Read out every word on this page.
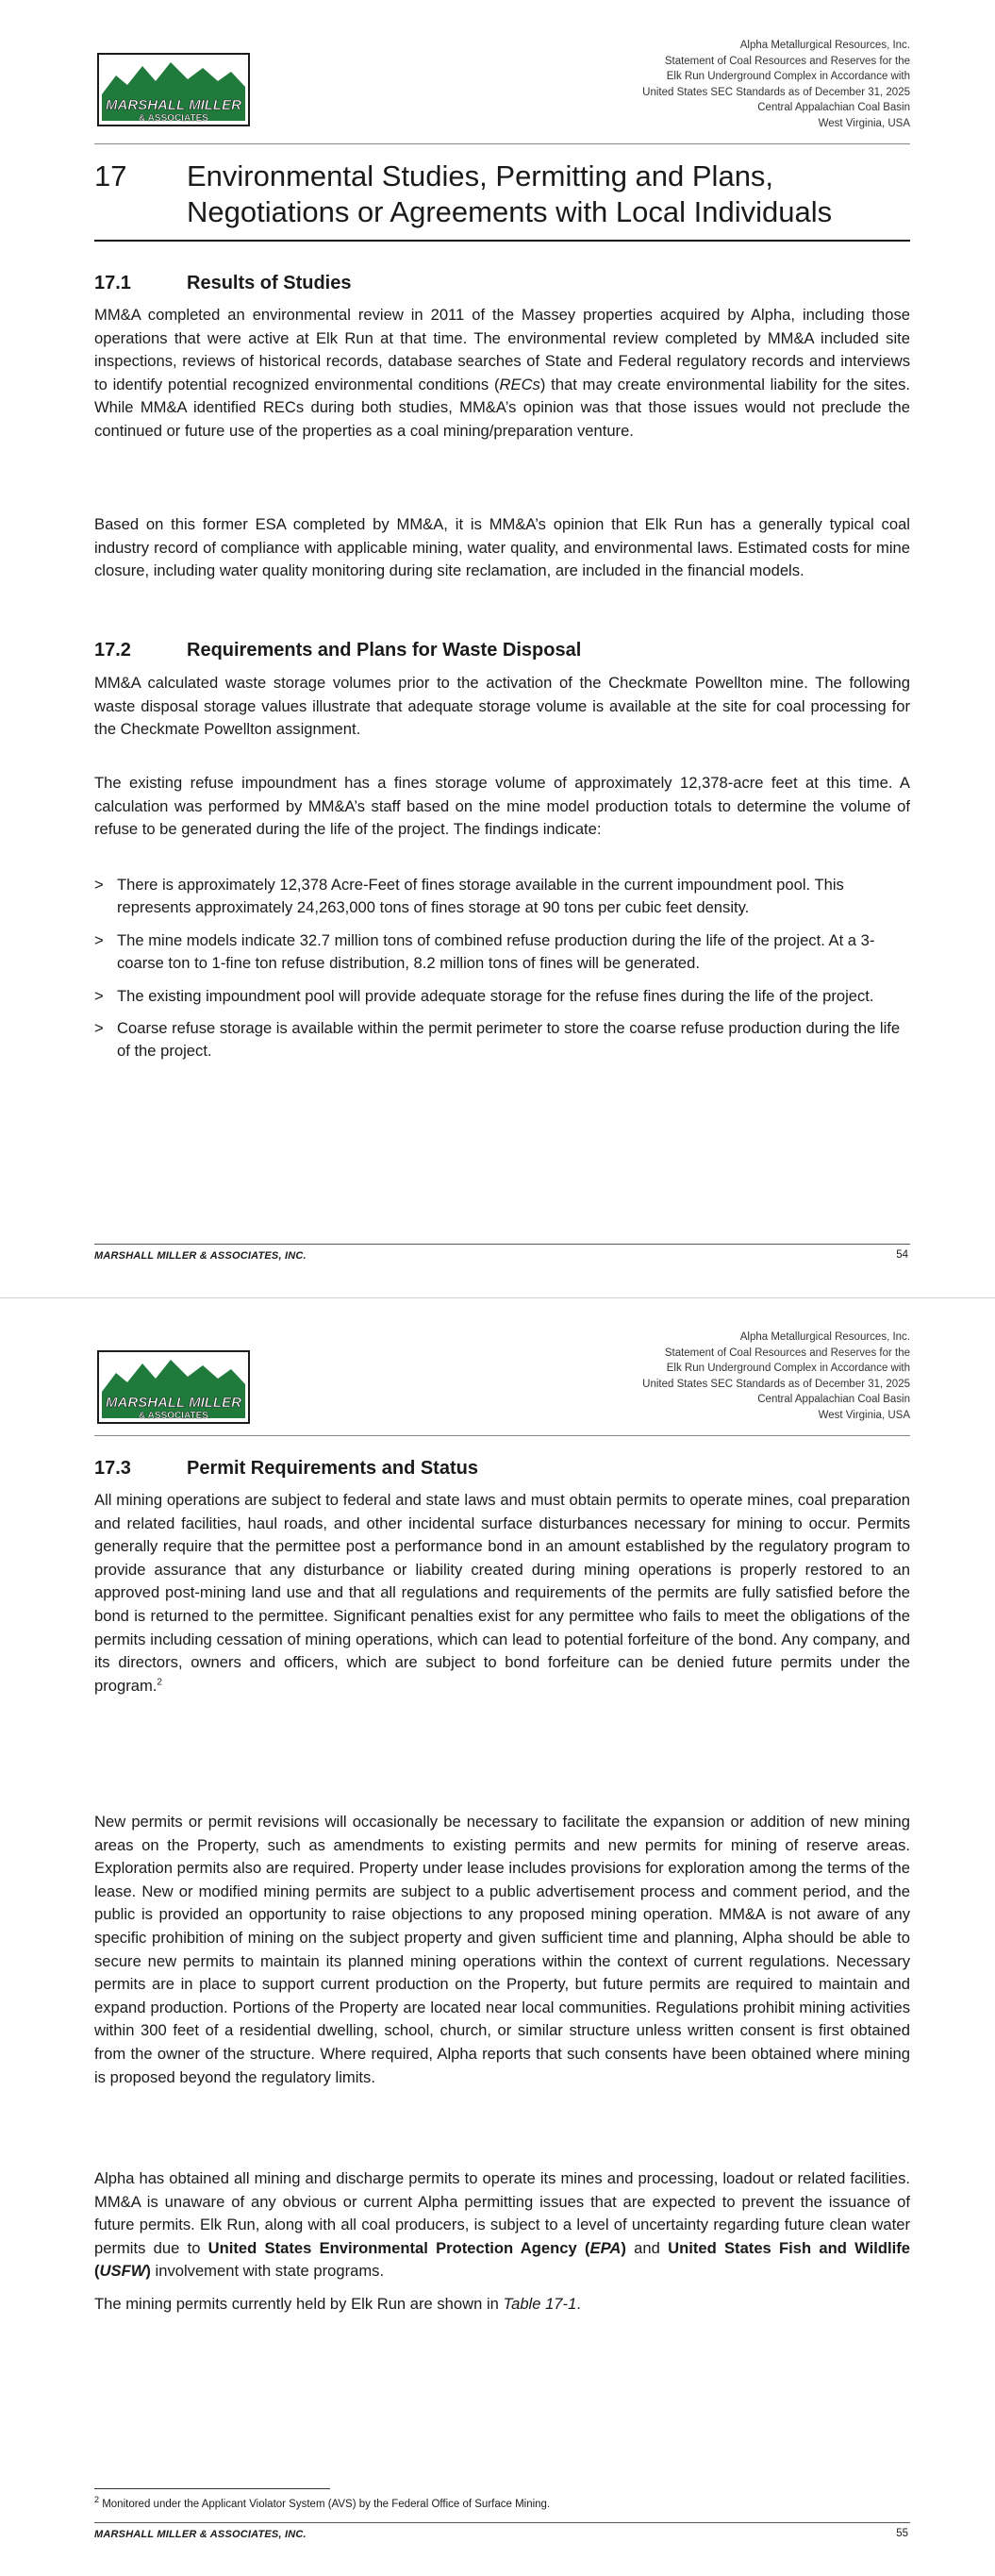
Alpha Metallurgical Resources, Inc.
Statement of Coal Resources and Reserves for the
Elk Run Underground Complex in Accordance with
United States SEC Standards as of December 31, 2025
Central Appalachian Coal Basin
West Virginia, USA
MARSHALL MILLER
& ASSOCIATES
17	Environmental Studies, Permitting and Plans,
Negotiations or Agreements with Local Individuals
17.1	Results of Studies

MM&A completed an environmental review in 2011 of the Massey properties acquired by Alpha, including those operations that were active at Elk Run at that time. The environmental review completed by MM&A included site inspections, reviews of historical records, database searches of State and Federal regulatory records and interviews to identify potential recognized environmental conditions (RECs) that may create environmental liability for the sites. While MM&A identified RECs during both studies, MM&A’s opinion was that those issues would not preclude the continued or future use of the properties as a coal mining/preparation venture.

Based on this former ESA completed by MM&A, it is MM&A’s opinion that Elk Run has a generally typical coal industry record of compliance with applicable mining, water quality, and environmental laws. Estimated costs for mine closure, including water quality monitoring during site reclamation, are included in the financial models.

17.2	Requirements and Plans for Waste Disposal

MM&A calculated waste storage volumes prior to the activation of the Checkmate Powellton mine. The following waste disposal storage values illustrate that adequate storage volume is available at the site for coal processing for the Checkmate Powellton assignment.

The existing refuse impoundment has a fines storage volume of approximately 12,378-acre feet at this time. A calculation was performed by MM&A’s staff based on the mine model production totals to determine the volume of refuse to be generated during the life of the project. The findings indicate:

> There is approximately 12,378 Acre-Feet of fines storage available in the current impoundment pool. This represents approximately 24,263,000 tons of fines storage at 90 tons per cubic feet density.
> The mine models indicate 32.7 million tons of combined refuse production during the life of the project. At a 3-coarse ton to 1-fine ton refuse distribution, 8.2 million tons of fines will be generated.
> The existing impoundment pool will provide adequate storage for the refuse fines during the life of the project.
> Coarse refuse storage is available within the permit perimeter to store the coarse refuse production during the life of the project.
MARSHALL MILLER & ASSOCIATES, INC.	54
Alpha Metallurgical Resources, Inc.
Statement of Coal Resources and Reserves for the
Elk Run Underground Complex in Accordance with
United States SEC Standards as of December 31, 2025
Central Appalachian Coal Basin
West Virginia, USA
MARSHALL MILLER
& ASSOCIATES
17.3	Permit Requirements and Status

All mining operations are subject to federal and state laws and must obtain permits to operate mines, coal preparation and related facilities, haul roads, and other incidental surface disturbances necessary for mining to occur. Permits generally require that the permittee post a performance bond in an amount established by the regulatory program to provide assurance that any disturbance or liability created during mining operations is properly restored to an approved post-mining land use and that all regulations and requirements of the permits are fully satisfied before the bond is returned to the permittee. Significant penalties exist for any permittee who fails to meet the obligations of the permits including cessation of mining operations, which can lead to potential forfeiture of the bond. Any company, and its directors, owners and officers, which are subject to bond forfeiture can be denied future permits under the program.$^2$

New permits or permit revisions will occasionally be necessary to facilitate the expansion or addition of new mining areas on the Property, such as amendments to existing permits and new permits for mining of reserve areas. Exploration permits also are required. Property under lease includes provisions for exploration among the terms of the lease. New or modified mining permits are subject to a public advertisement process and comment period, and the public is provided an opportunity to raise objections to any proposed mining operation. MM&A is not aware of any specific prohibition of mining on the subject property and given sufficient time and planning, Alpha should be able to secure new permits to maintain its planned mining operations within the context of current regulations. Necessary permits are in place to support current production on the Property, but future permits are required to maintain and expand production. Portions of the Property are located near local communities. Regulations prohibit mining activities within 300 feet of a residential dwelling, school, church, or similar structure unless written consent is first obtained from the owner of the structure. Where required, Alpha reports that such consents have been obtained where mining is proposed beyond the regulatory limits.

Alpha has obtained all mining and discharge permits to operate its mines and processing, loadout or related facilities. MM&A is unaware of any obvious or current Alpha permitting issues that are expected to prevent the issuance of future permits. Elk Run, along with all coal producers, is subject to a level of uncertainty regarding future clean water permits due to United States Environmental Protection Agency (EPA) and United States Fish and Wildlife (USFW) involvement with state programs.

The mining permits currently held by Elk Run are shown in Table 17-1.

$^2$ Monitored under the Applicant Violator System (AVS) by the Federal Office of Surface Mining.
MARSHALL MILLER & ASSOCIATES, INC.	55
